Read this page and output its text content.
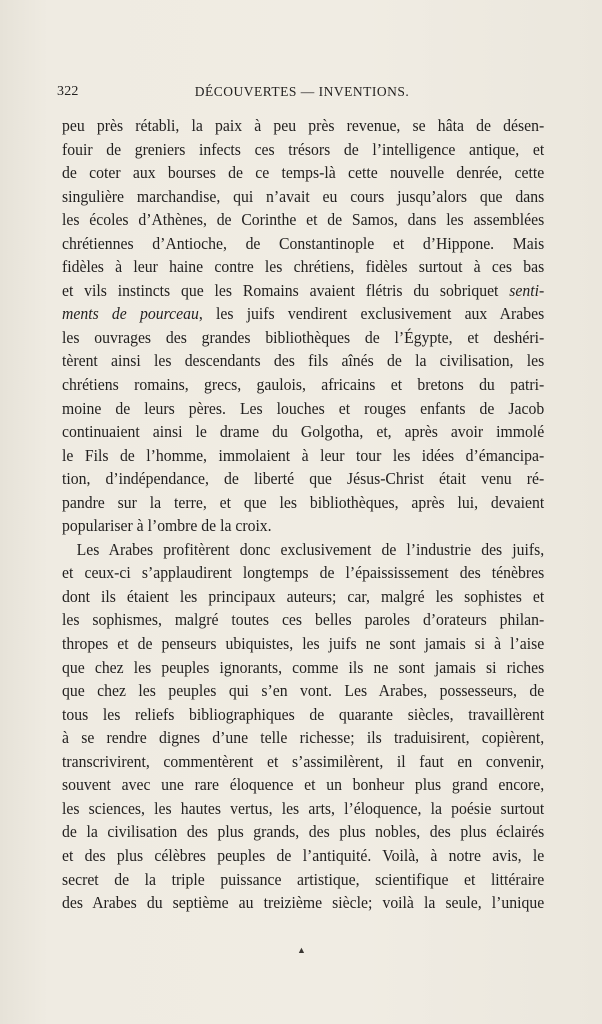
322	DÉCOUVERTES — INVENTIONS.
peu près rétabli, la paix à peu près revenue, se hâta de désen-
fouir de greniers infects ces trésors de l’intelligence antique, et
de coter aux bourses de ce temps-là cette nouvelle denrée, cette
singulière marchandise, qui n’avait eu cours jusqu’alors que dans
les écoles d’Athènes, de Corinthe et de Samos, dans les assemblées
chrétiennes d’Antioche, de Constantinople et d’Hippone. Mais
fidèles à leur haine contre les chrétiens, fidèles surtout à ces bas
et vils instincts que les Romains avaient flétris du sobriquet senti-
ments de pourceau, les juifs vendirent exclusivement aux Arabes
les ouvrages des grandes bibliothèques de l’Égypte, et deshéri-
tèrent ainsi les descendants des fils aînés de la civilisation, les
chrétiens romains, grecs, gaulois, africains et bretons du patri-
moine de leurs pères. Les louches et rouges enfants de Jacob
continuaient ainsi le drame du Golgotha, et, après avoir immolé
le Fils de l’homme, immolaient à leur tour les idées d’émancipa-
tion, d’indépendance, de liberté que Jésus-Christ était venu ré-
pandre sur la terre, et que les bibliothèques, après lui, devaient
populariser à l’ombre de la croix.
Les Arabes profitèrent donc exclusivement de l’industrie des juifs,
et ceux-ci s’applaudirent longtemps de l’épaississement des ténèbres
dont ils étaient les principaux auteurs; car, malgré les sophistes et
les sophismes, malgré toutes ces belles paroles d’orateurs philan-
thropes et de penseurs ubiquistes, les juifs ne sont jamais si à l’aise
que chez les peuples ignorants, comme ils ne sont jamais si riches
que chez les peuples qui s’en vont. Les Arabes, possesseurs, de
tous les reliefs bibliographiques de quarante siècles, travaillèrent
à se rendre dignes d’une telle richesse; ils traduisirent, copièrent,
transcrivirent, commentèrent et s’assimilèrent, il faut en convenir,
souvent avec une rare éloquence et un bonheur plus grand encore,
les sciences, les hautes vertus, les arts, l’éloquence, la poésie surtout
de la civilisation des plus grands, des plus nobles, des plus éclairés
et des plus célèbres peuples de l’antiquité. Voilà, à notre avis, le
secret de la triple puissance artistique, scientifique et littéraire
des Arabes du septième au treizième siècle; voilà la seule, l’unique
▲
